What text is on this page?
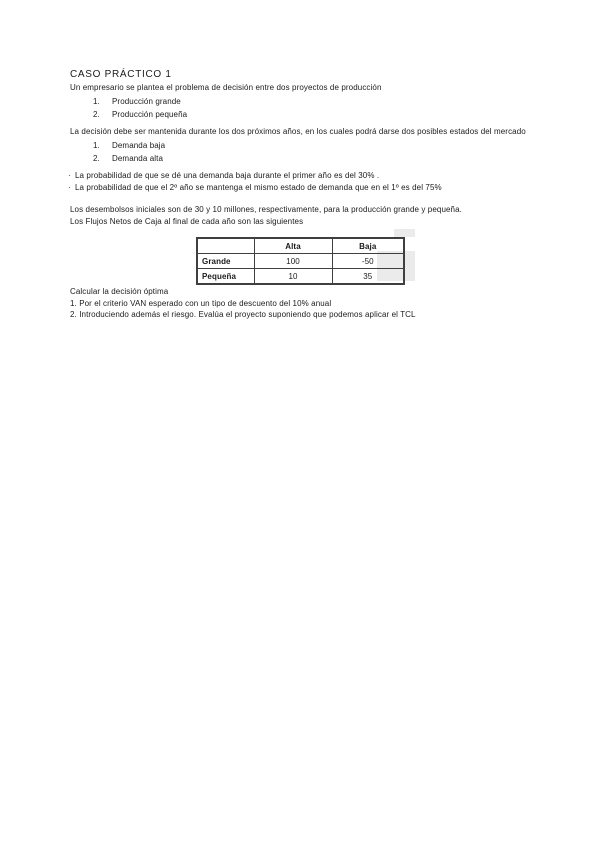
CASO PRÁCTICO 1
Un empresario se plantea el problema de decisión entre dos proyectos de producción
1.	Producción grande
2.	Producción pequeña
La decisión debe ser mantenida durante los dos próximos años, en los cuales podrá darse dos posibles estados del mercado
1.	Demanda baja
2.	Demanda alta
· La probabilidad de que se dé una demanda baja durante el primer año es del 30% .
· La probabilidad de que el 2º año se mantenga el mismo estado de demanda que en el 1º es del 75%
Los desembolsos iniciales son de 30 y 10 millones, respectivamente, para la producción grande y pequeña.
Los Flujos Netos de Caja al final de cada año son las siguientes
	Alta	Baja
Grande	100	-50
Pequeña	10	35
Calcular la decisión óptima
1. Por el criterio VAN esperado con un tipo de descuento del 10% anual
2. Introduciendo además el riesgo. Evalúa el proyecto suponiendo que podemos aplicar el TCL
